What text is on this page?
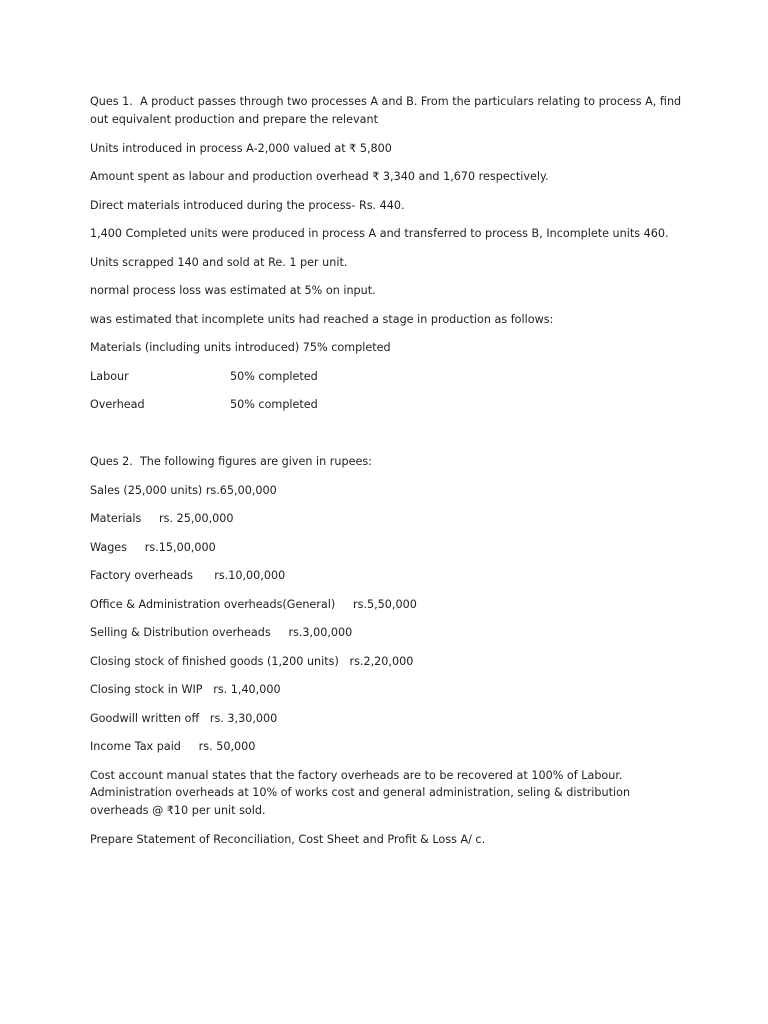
Ques 1.  A product passes through two processes A and B. From the particulars relating to process A, find out equivalent production and prepare the relevant

Units introduced in process A-2,000 valued at ₹ 5,800

Amount spent as labour and production overhead ₹ 3,340 and 1,670 respectively.

Direct materials introduced during the process- Rs. 440.

1,400 Completed units were produced in process A and transferred to process B, Incomplete units 460.

Units scrapped 140 and sold at Re. 1 per unit.

normal process loss was estimated at 5% on input.

was estimated that incomplete units had reached a stage in production as follows:

Materials (including units introduced) 75% completed

Labour	50% completed
Overhead	50% completed

Ques 2.  The following figures are given in rupees:

Sales (25,000 units) rs.65,00,000

Materials     rs. 25,00,000

Wages     rs.15,00,000

Factory overheads      rs.10,00,000

Office & Administration overheads(General)     rs.5,50,000

Selling & Distribution overheads     rs.3,00,000

Closing stock of finished goods (1,200 units)   rs.2,20,000

Closing stock in WIP   rs. 1,40,000

Goodwill written off   rs. 3,30,000

Income Tax paid     rs. 50,000

Cost account manual states that the factory overheads are to be recovered at 100% of Labour. Administration overheads at 10% of works cost and general administration, seling & distribution overheads @ ₹10 per unit sold.

Prepare Statement of Reconciliation, Cost Sheet and Profit & Loss A/ c.
